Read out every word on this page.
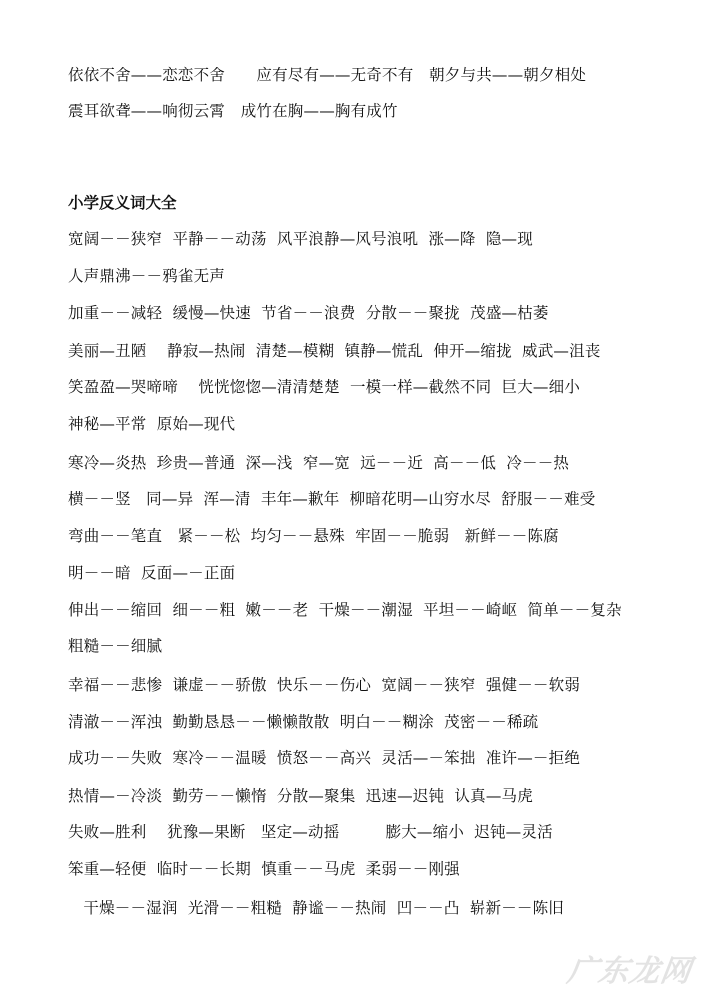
依依不舍——恋恋不舍　　应有尽有——无奇不有　朝夕与共——朝夕相处
震耳欲聋——响彻云霄　成竹在胸——胸有成竹
小学反义词大全
宽阔－－狭窄  平静－－动荡  风平浪静—风号浪吼  涨—降  隐—现
人声鼎沸－－鸦雀无声
加重－－减轻  缓慢—快速  节省－－浪费  分散－－聚拢  茂盛—枯萎
美丽—丑陋    静寂—热闹  清楚—模糊  镇静—慌乱  伸开—缩拢  威武—沮丧
笑盈盈—哭啼啼    恍恍惚惚—清清楚楚  一模一样—截然不同  巨大—细小
神秘—平常  原始—现代
寒冷—炎热  珍贵—普通  深—浅  窄—宽  远－－近  高－－低  冷－－热
横－－竖   同—异  浑—清  丰年—歉年  柳暗花明—山穷水尽  舒服－－难受
弯曲－－笔直   紧－－松  均匀－－悬殊  牢固－－脆弱   新鲜－－陈腐
明－－暗  反面—－正面
伸出－－缩回  细－－粗  嫩－－老  干燥－－潮湿  平坦－－崎岖  简单－－复杂
粗糙－－细腻
幸福－－悲惨  谦虚－－骄傲  快乐－－伤心  宽阔－－狭窄  强健－－软弱
清澈－－浑浊  勤勤恳恳－－懒懒散散  明白－－糊涂  茂密－－稀疏
成功－－失败  寒冷－－温暖  愤怒－－高兴  灵活—－笨拙  准许—－拒绝
热情—－冷淡  勤劳－－懒惰  分散—聚集  迅速—迟钝  认真—马虎
失败—胜利    犹豫—果断   坚定—动摇         膨大—缩小  迟钝—灵活
笨重—轻便  临时－－长期  慎重－－马虎  柔弱－－刚强
干燥－－湿润  光滑－－粗糙  静谧－－热闹  凹－－凸  崭新－－陈旧
广东龙网
